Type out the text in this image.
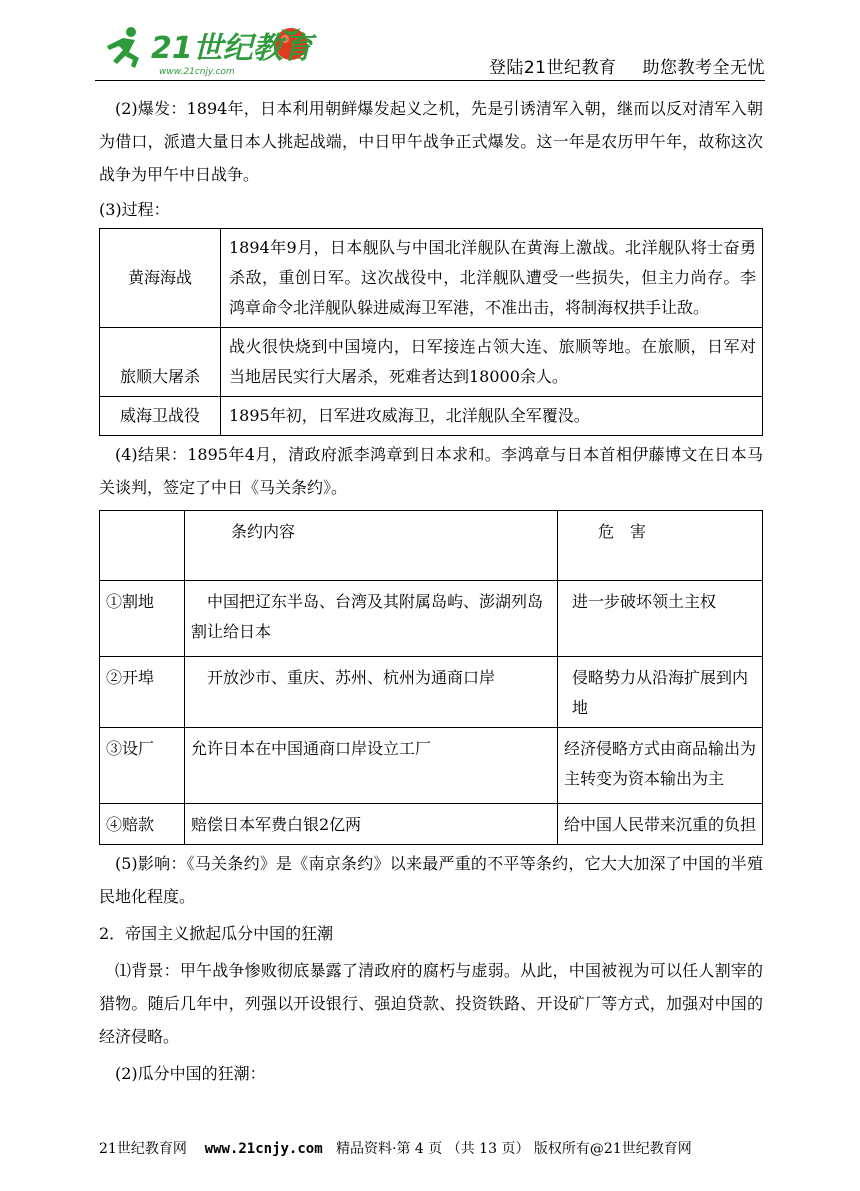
21世纪教育
www.21cnjy.com	登陆21世纪教育 助您教考全无忧

(2)爆发：1894年，日本利用朝鲜爆发起义之机，先是引诱清军入朝，继而以反对清军入朝为借口，派遣大量日本人挑起战端，中日甲午战争正式爆发。这一年是农历甲午年，故称这次战争为甲午中日战争。

(3)过程：

黄海海战	1894年9月，日本舰队与中国北洋舰队在黄海上激战。北洋舰队将士奋勇杀敌，重创日军。这次战役中，北洋舰队遭受一些损失，但主力尚存。李鸿章命令北洋舰队躲进威海卫军港，不准出击，将制海权拱手让敌。
旅顺大屠杀	战火很快烧到中国境内，日军接连占领大连、旅顺等地。在旅顺，日军对当地居民实行大屠杀，死难者达到18000余人。
威海卫战役	1895年初，日军进攻威海卫，北洋舰队全军覆没。

(4)结果：1895年4月，清政府派李鸿章到日本求和。李鸿章与日本首相伊藤博文在日本马关谈判，签定了中日《马关条约》。

	条约内容	危　害
①割地	中国把辽东半岛、台湾及其附属岛屿、澎湖列岛割让给日本	进一步破坏领土主权
②开埠	开放沙市、重庆、苏州、杭州为通商口岸	侵略势力从沿海扩展到内地
③设厂	允许日本在中国通商口岸设立工厂	经济侵略方式由商品输出为主转变为资本输出为主
④赔款	赔偿日本军费白银2亿两	给中国人民带来沉重的负担

(5)影响：《马关条约》是《南京条约》以来最严重的不平等条约，它大大加深了中国的半殖民地化程度。

2．帝国主义掀起瓜分中国的狂潮

⑴背景：甲午战争惨败彻底暴露了清政府的腐朽与虚弱。从此，中国被视为可以任人割宰的猎物。随后几年中，列强以开设银行、强迫贷款、投资铁路、开设矿厂等方式，加强对中国的经济侵略。

(2)瓜分中国的狂潮：

21世纪教育网 www.21cnjy.com 精品资料·第 4 页 （共 13 页） 版权所有@21世纪教育网
